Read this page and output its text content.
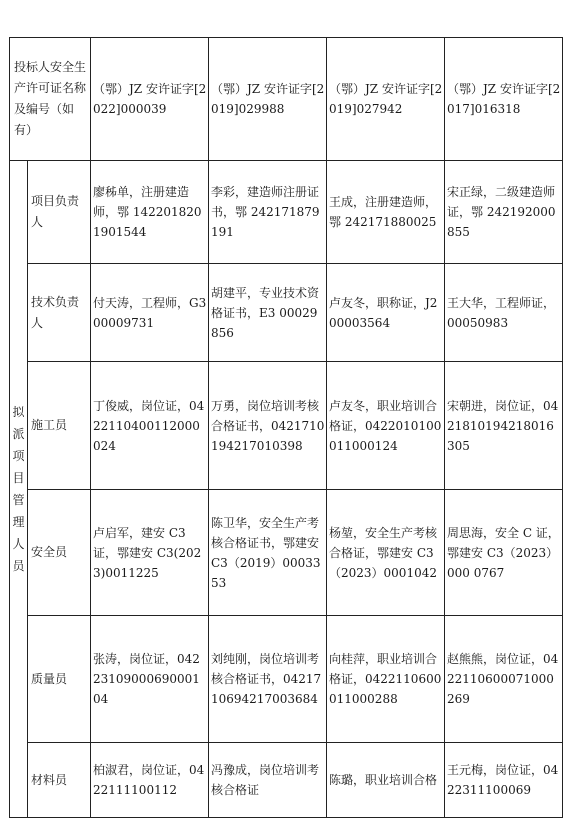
投标人安全生产许可证名称及编号（如有）		（鄂）JZ 安许证字[2022]000039	（鄂）JZ 安许证字[2019]029988	（鄂）JZ 安许证字[2019]027942	（鄂）JZ 安许证字[2017]016318

拟派项目管理人员	项目负责人	廖秭单，注册建造师，鄂 1422018201901544	李彩，建造师注册证书，鄂 242171879191	王成，注册建造师，鄂 242171880025	宋正绿，二级建造师证，鄂 242192000855
	技术负责人	付天涛，工程师，G300009731	胡建平，专业技术资格证书，E3 00029856	卢友冬，职称证，J200003564	王大华，工程师证，00050983
	施工员	丁俊威，岗位证，0422110400112000024	万勇，岗位培训考核合格证书，0421710194217010398	卢友冬，职业培训合格证，0422010100011000124	宋朝进，岗位证，0421810194218016305
	安全员	卢启军，建安 C3 证，鄂建安 C3(2023)0011225	陈卫华，安全生产考核合格证书，鄂建安 C3（2019）0003353	杨堃，安全生产考核合格证，鄂建安 C3（2023）0001042	周思海，安全 C 证，鄂建安 C3（2023）000 0767
	质量员	张涛，岗位证，0422310900069000104	刘纯刚，岗位培训考核合格证书，0421710694217003684	向桂萍，职业培训合格证，0422110600011000288	赵熊熊，岗位证，0422110600071000269
	材料员	柏淑君，岗位证，0422111100112	冯豫成，岗位培训考核合格证	陈璐，职业培训合格	王元梅，岗位证，0422311100069
